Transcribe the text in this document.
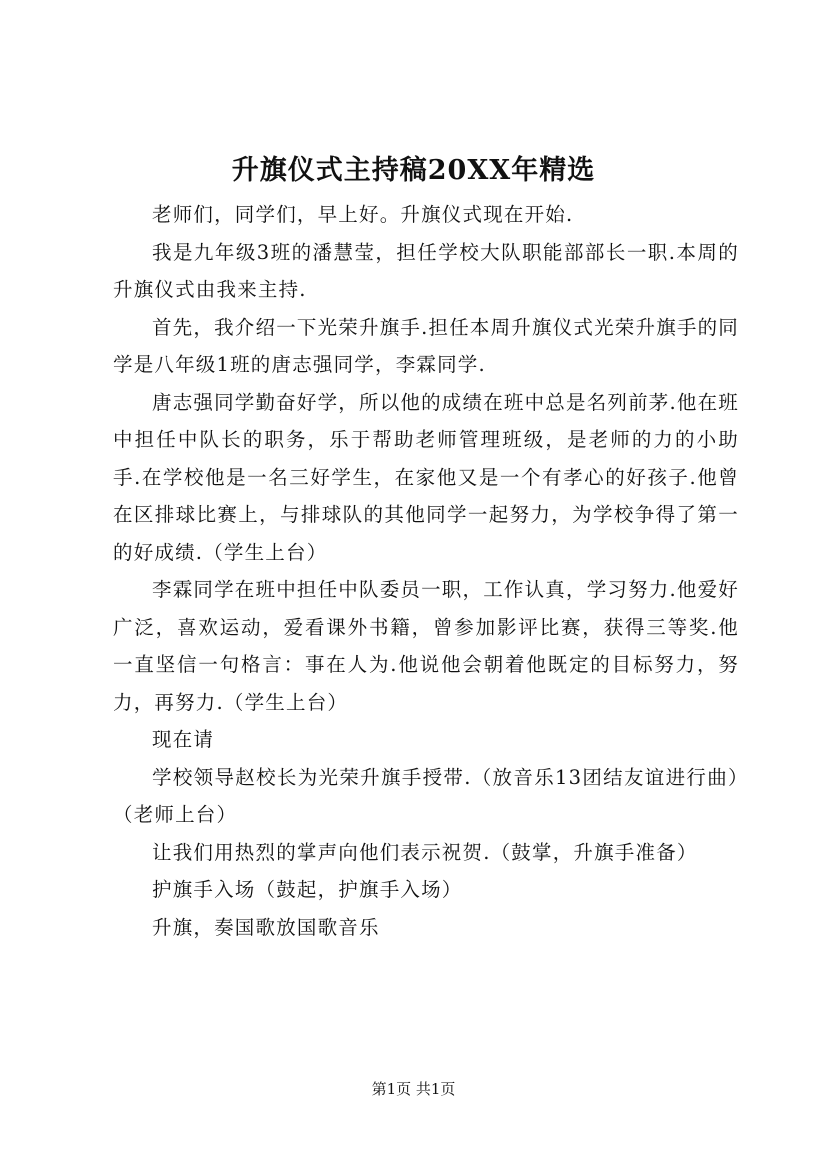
升旗仪式主持稿20XX年精选

老师们，同学们，早上好。升旗仪式现在开始.

我是九年级3班的潘慧莹，担任学校大队职能部部长一职.本周的升旗仪式由我来主持.

首先，我介绍一下光荣升旗手.担任本周升旗仪式光荣升旗手的同学是八年级1班的唐志强同学，李霖同学.

唐志强同学勤奋好学，所以他的成绩在班中总是名列前茅.他在班中担任中队长的职务，乐于帮助老师管理班级，是老师的力的小助手.在学校他是一名三好学生，在家他又是一个有孝心的好孩子.他曾在区排球比赛上，与排球队的其他同学一起努力，为学校争得了第一的好成绩.（学生上台）

李霖同学在班中担任中队委员一职，工作认真，学习努力.他爱好广泛，喜欢运动，爱看课外书籍，曾参加影评比赛，获得三等奖.他一直坚信一句格言：事在人为.他说他会朝着他既定的目标努力，努力，再努力.（学生上台）

现在请

学校领导赵校长为光荣升旗手授带.（放音乐13团结友谊进行曲）（老师上台）

让我们用热烈的掌声向他们表示祝贺.（鼓掌，升旗手准备）

护旗手入场（鼓起，护旗手入场）

升旗，奏国歌放国歌音乐

第1页 共1页
